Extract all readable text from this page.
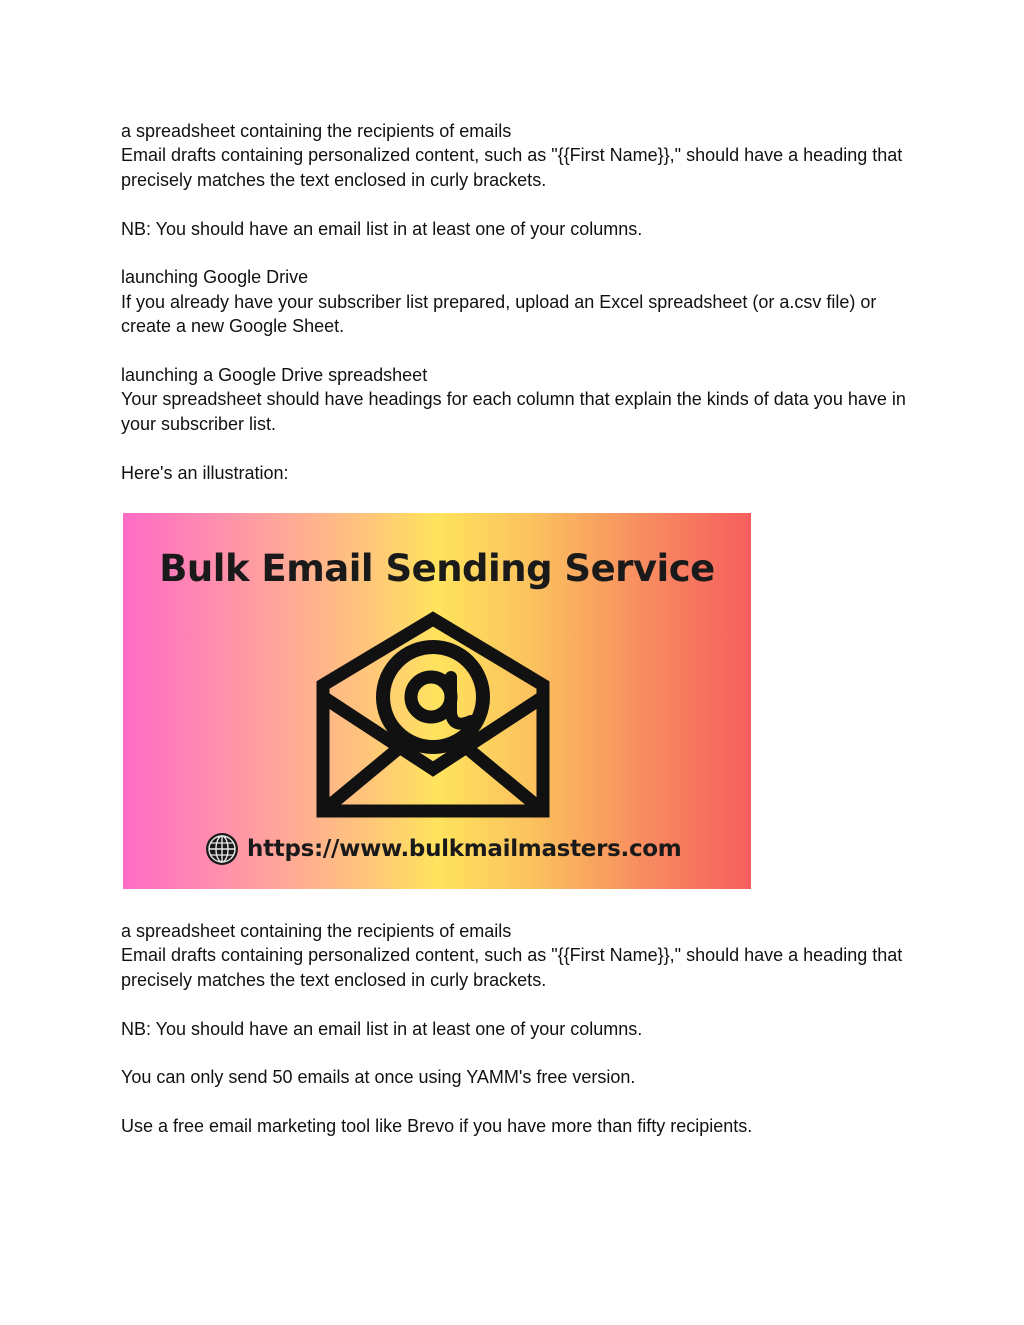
a spreadsheet containing the recipients of emails
Email drafts containing personalized content, such as "{{First Name}}," should have a heading that precisely matches the text enclosed in curly brackets.

NB: You should have an email list in at least one of your columns.

launching Google Drive
If you already have your subscriber list prepared, upload an Excel spreadsheet (or a.csv file) or create a new Google Sheet.

launching a Google Drive spreadsheet
Your spreadsheet should have headings for each column that explain the kinds of data you have in your subscriber list.

Here's an illustration:

Bulk Email Sending Service
https://www.bulkmailmasters.com

a spreadsheet containing the recipients of emails
Email drafts containing personalized content, such as "{{First Name}}," should have a heading that precisely matches the text enclosed in curly brackets.

NB: You should have an email list in at least one of your columns.

You can only send 50 emails at once using YAMM's free version.

Use a free email marketing tool like Brevo if you have more than fifty recipients.
